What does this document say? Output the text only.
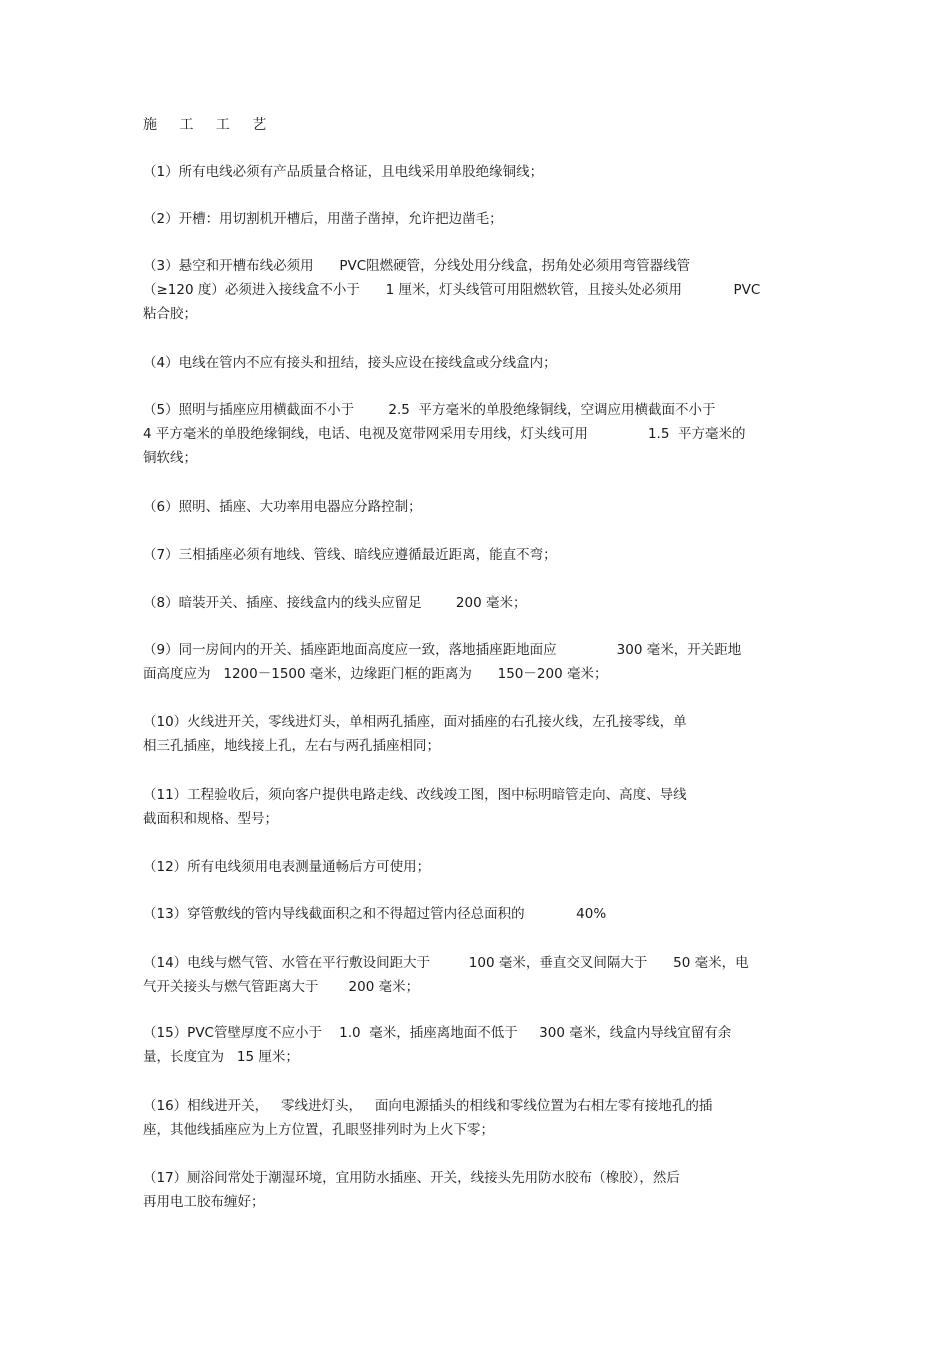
施 工 工 艺
（1）所有电线必须有产品质量合格证，且电线采用单股绝缘铜线；
（2）开槽：用切割机开槽后，用凿子凿掉，允许把边凿毛；
（3）悬空和开槽布线必须用      PVC阻燃硬管，分线处用分线盒，拐角处必须用弯管器线管
（≥120 度）必须进入接线盒不小于      1 厘米，灯头线管可用阻燃软管，且接头处必须用            PVC
粘合胶；
（4）电线在管内不应有接头和扭结，接头应设在接线盒或分线盒内；
（5）照明与插座应用横截面不小于        2.5  平方毫米的单股绝缘铜线，空调应用横截面不小于
4 平方毫米的单股绝缘铜线，电话、电视及宽带网采用专用线，灯头线可用              1.5  平方毫米的
铜软线；
（6）照明、插座、大功率用电器应分路控制；
（7）三相插座必须有地线、管线、暗线应遵循最近距离，能直不弯；
（8）暗装开关、插座、接线盒内的线头应留足        200 毫米；
（9）同一房间内的开关、插座距地面高度应一致，落地插座距地面应              300 毫米，开关距地
面高度应为   1200－1500 毫米，边缘距门框的距离为      150－200 毫米；
（10）火线进开关，零线进灯头，单相两孔插座，面对插座的右孔接火线，左孔接零线，单
相三孔插座，地线接上孔，左右与两孔插座相同；
（11）工程验收后，须向客户提供电路走线、改线竣工图，图中标明暗管走向、高度、导线
截面积和规格、型号；
（12）所有电线须用电表测量通畅后方可使用；
（13）穿管敷线的管内导线截面积之和不得超过管内径总面积的            40%
（14）电线与燃气管、水管在平行敷设间距大于         100 毫米，垂直交叉间隔大于      50 毫米，电
气开关接头与燃气管距离大于       200 毫米；
（15）PVC管壁厚度不应小于    1.0  毫米，插座离地面不低于     300 毫米，线盒内导线宜留有余
量，长度宜为   15 厘米；
（16）相线进开关，   零线进灯头，   面向电源插头的相线和零线位置为右相左零有接地孔的插
座，其他线插座应为上方位置，孔眼竖排列时为上火下零；
（17）厕浴间常处于潮湿环境，宜用防水插座、开关，线接头先用防水胶布（橡胶），然后
再用电工胶布缠好；
